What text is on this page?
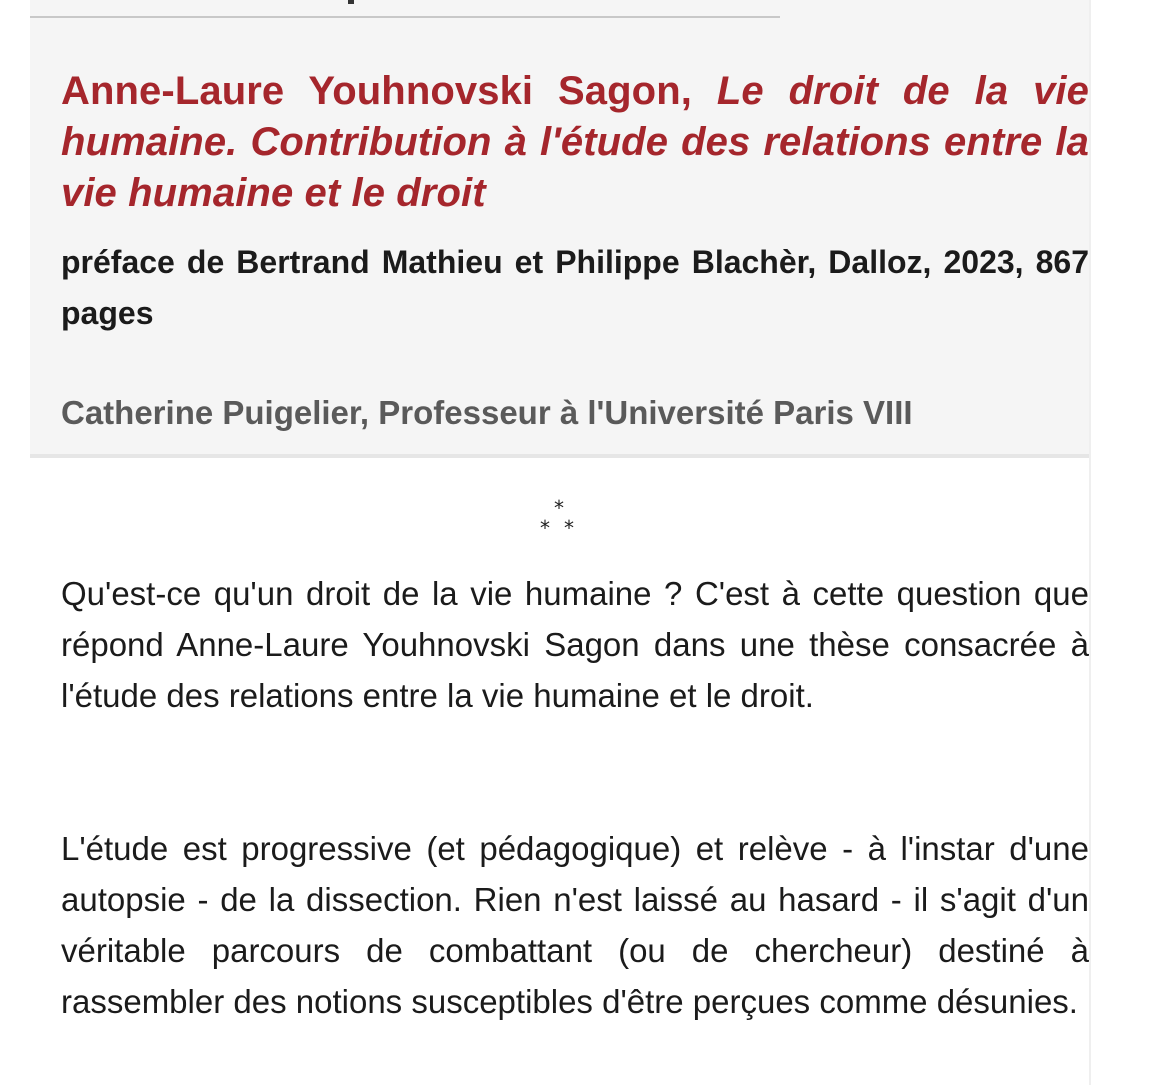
Anne-Laure Youhnovski Sagon, Le droit de la vie humaine. Contribution à l'étude des relations entre la vie humaine et le droit

préface de Bertrand Mathieu et Philippe Blachèr, Dalloz, 2023, 867 pages

Catherine Puigelier, Professeur à l'Université Paris VIII

*
* *

Qu'est-ce qu'un droit de la vie humaine ? C'est à cette question que répond Anne-Laure Youhnovski Sagon dans une thèse consacrée à l'étude des relations entre la vie humaine et le droit.

L'étude est progressive (et pédagogique) et relève - à l'instar d'une autopsie - de la dissection. Rien n'est laissé au hasard - il s'agit d'un véritable parcours de combattant (ou de chercheur) destiné à rassembler des notions susceptibles d'être perçues comme désunies.
